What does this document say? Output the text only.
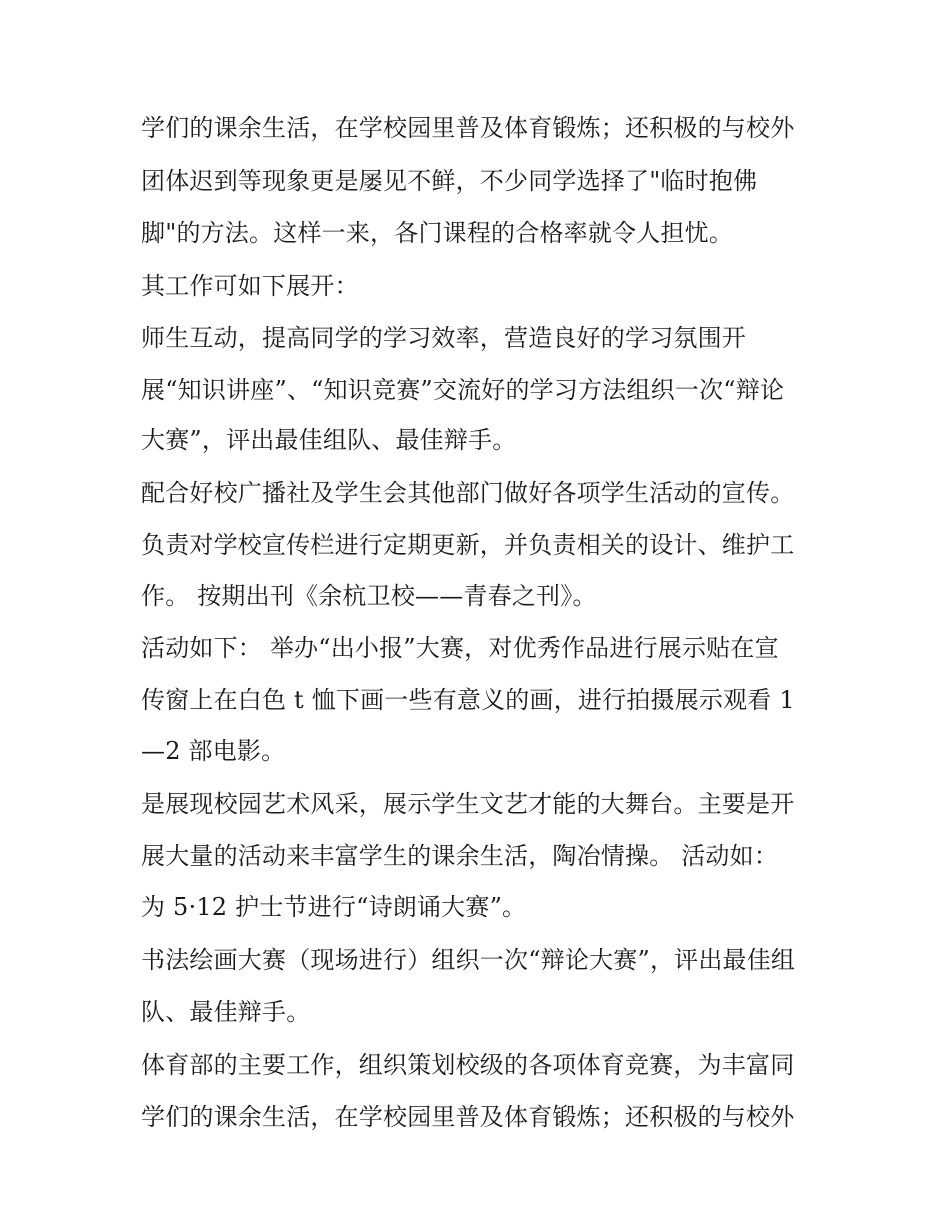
学们的课余生活，在学校园里普及体育锻炼；还积极的与校外
团体迟到等现象更是屡见不鲜，不少同学选择了"临时抱佛
脚"的方法。这样一来，各门课程的合格率就令人担忧。
其工作可如下展开：
师生互动，提高同学的学习效率，营造良好的学习氛围开
展“知识讲座”、“知识竞赛”交流好的学习方法组织一次“辩论
大赛”，评出最佳组队、最佳辩手。
配合好校广播社及学生会其他部门做好各项学生活动的宣传。
负责对学校宣传栏进行定期更新，并负责相关的设计、维护工
作。 按期出刊《余杭卫校——青春之刊》。
活动如下： 举办“出小报”大赛，对优秀作品进行展示贴在宣
传窗上在白色 t 恤下画一些有意义的画，进行拍摄展示观看 1
—2 部电影。
是展现校园艺术风采，展示学生文艺才能的大舞台。主要是开
展大量的活动来丰富学生的课余生活，陶冶情操。 活动如：
为 5·12 护士节进行“诗朗诵大赛”。
书法绘画大赛（现场进行）组织一次“辩论大赛”，评出最佳组
队、最佳辩手。
体育部的主要工作，组织策划校级的各项体育竞赛，为丰富同
学们的课余生活，在学校园里普及体育锻炼；还积极的与校外
